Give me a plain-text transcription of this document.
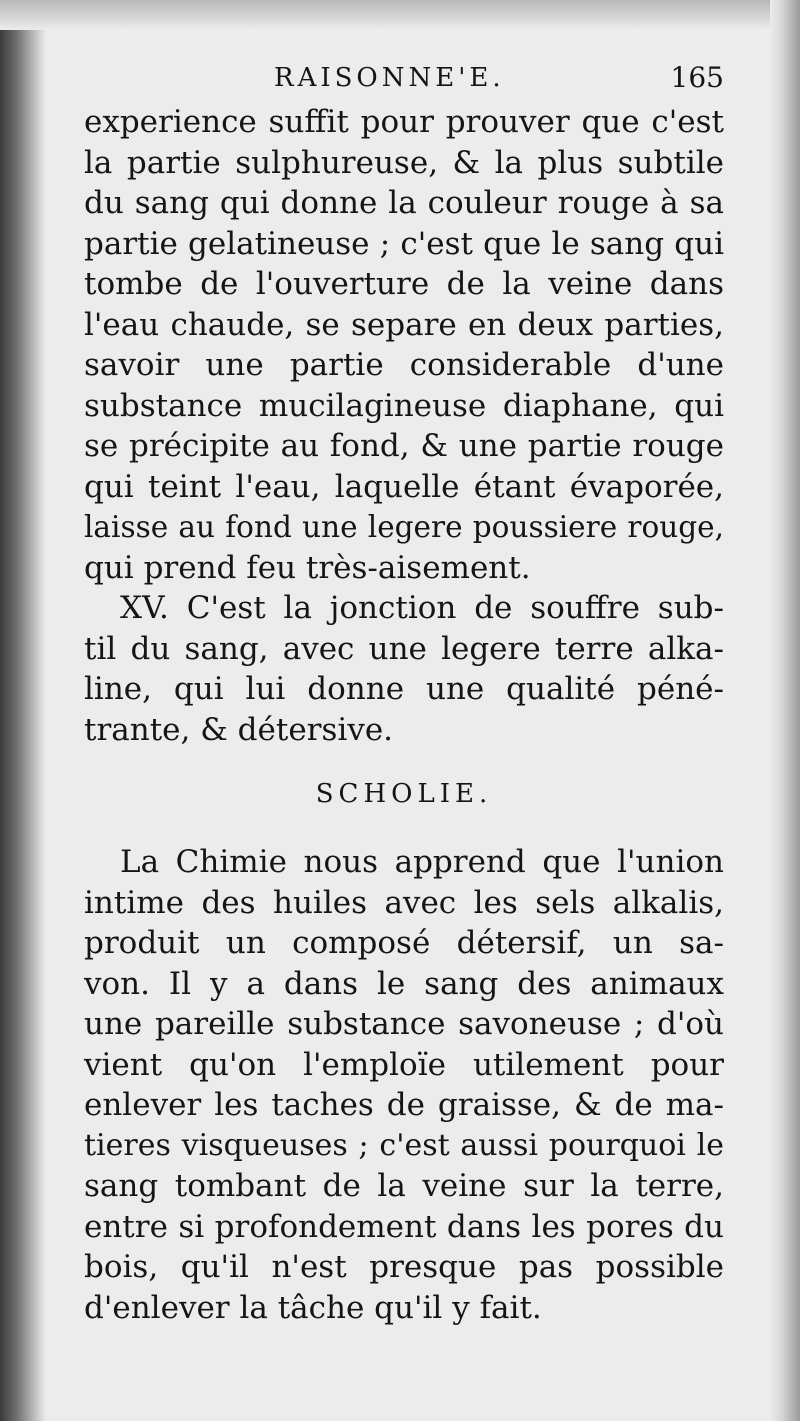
RAISONNE'E.	165
experience suffit pour prouver que c'est
la partie sulphureuse, & la plus subtile
du sang qui donne la couleur rouge à sa
partie gelatineuse ; c'est que le sang qui
tombe de l'ouverture de la veine dans
l'eau chaude, se separe en deux parties,
savoir une partie considerable d'une
substance mucilagineuse diaphane, qui
se précipite au fond, & une partie rouge
qui teint l'eau, laquelle étant évaporée,
laisse au fond une legere poussiere rouge,
qui prend feu très-aisement.
XV. C'est la jonction de souffre sub-
til du sang, avec une legere terre alka-
line, qui lui donne une qualité péné-
trante, & détersive.
SCHOLIE.
La Chimie nous apprend que l'union
intime des huiles avec les sels alkalis,
produit un composé détersif, un sa-
von. Il y a dans le sang des animaux
une pareille substance savoneuse ; d'où
vient qu'on l'emploïe utilement pour
enlever les taches de graisse, & de ma-
tieres visqueuses ; c'est aussi pourquoi le
sang tombant de la veine sur la terre,
entre si profondement dans les pores du
bois, qu'il n'est presque pas possible
d'enlever la tâche qu'il y fait.
